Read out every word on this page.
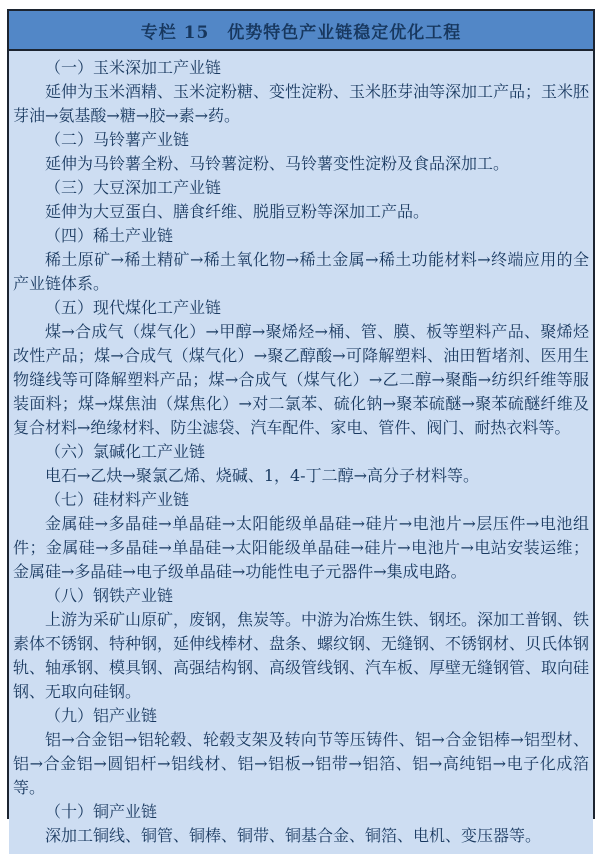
专栏 15　优势特色产业链稳定优化工程

（一）玉米深加工产业链

延伸为玉米酒精、玉米淀粉糖、变性淀粉、玉米胚芽油等深加工产品；玉米胚芽油→氨基酸→糖→胶→素→药。

（二）马铃薯产业链

延伸为马铃薯全粉、马铃薯淀粉、马铃薯变性淀粉及食品深加工。

（三）大豆深加工产业链

延伸为大豆蛋白、膳食纤维、脱脂豆粉等深加工产品。

（四）稀土产业链

稀土原矿→稀土精矿→稀土氧化物→稀土金属→稀土功能材料→终端应用的全产业链体系。

（五）现代煤化工产业链

煤→合成气（煤气化）→甲醇→聚烯烃→桶、管、膜、板等塑料产品、聚烯烃改性产品；煤→合成气（煤气化）→聚乙醇酸→可降解塑料、油田暂堵剂、医用生物缝线等可降解塑料产品；煤→合成气（煤气化）→乙二醇→聚酯→纺织纤维等服装面料；煤→煤焦油（煤焦化）→对二氯苯、硫化钠→聚苯硫醚→聚苯硫醚纤维及复合材料→绝缘材料、防尘滤袋、汽车配件、家电、管件、阀门、耐热衣料等。

（六）氯碱化工产业链

电石→乙炔→聚氯乙烯、烧碱、1，4-丁二醇→高分子材料等。

（七）硅材料产业链

金属硅→多晶硅→单晶硅→太阳能级单晶硅→硅片→电池片→层压件→电池组件；金属硅→多晶硅→单晶硅→太阳能级单晶硅→硅片→电池片→电站安装运维；金属硅→多晶硅→电子级单晶硅→功能性电子元器件→集成电路。

（八）钢铁产业链

上游为采矿山原矿，废钢，焦炭等。中游为冶炼生铁、钢坯。深加工普钢、铁素体不锈钢、特种钢，延伸线棒材、盘条、螺纹钢、无缝钢、不锈钢材、贝氏体钢轨、轴承钢、模具钢、高强结构钢、高级管线钢、汽车板、厚壁无缝钢管、取向硅钢、无取向硅钢。

（九）铝产业链

铝→合金铝→铝轮毂、轮毂支架及转向节等压铸件、铝→合金铝棒→铝型材、铝→合金铝→圆铝杆→铝线材、铝→铝板→铝带→铝箔、铝→高纯铝→电子化成箔等。

（十）铜产业链

深加工铜线、铜管、铜棒、铜带、铜基合金、铜箔、电机、变压器等。
